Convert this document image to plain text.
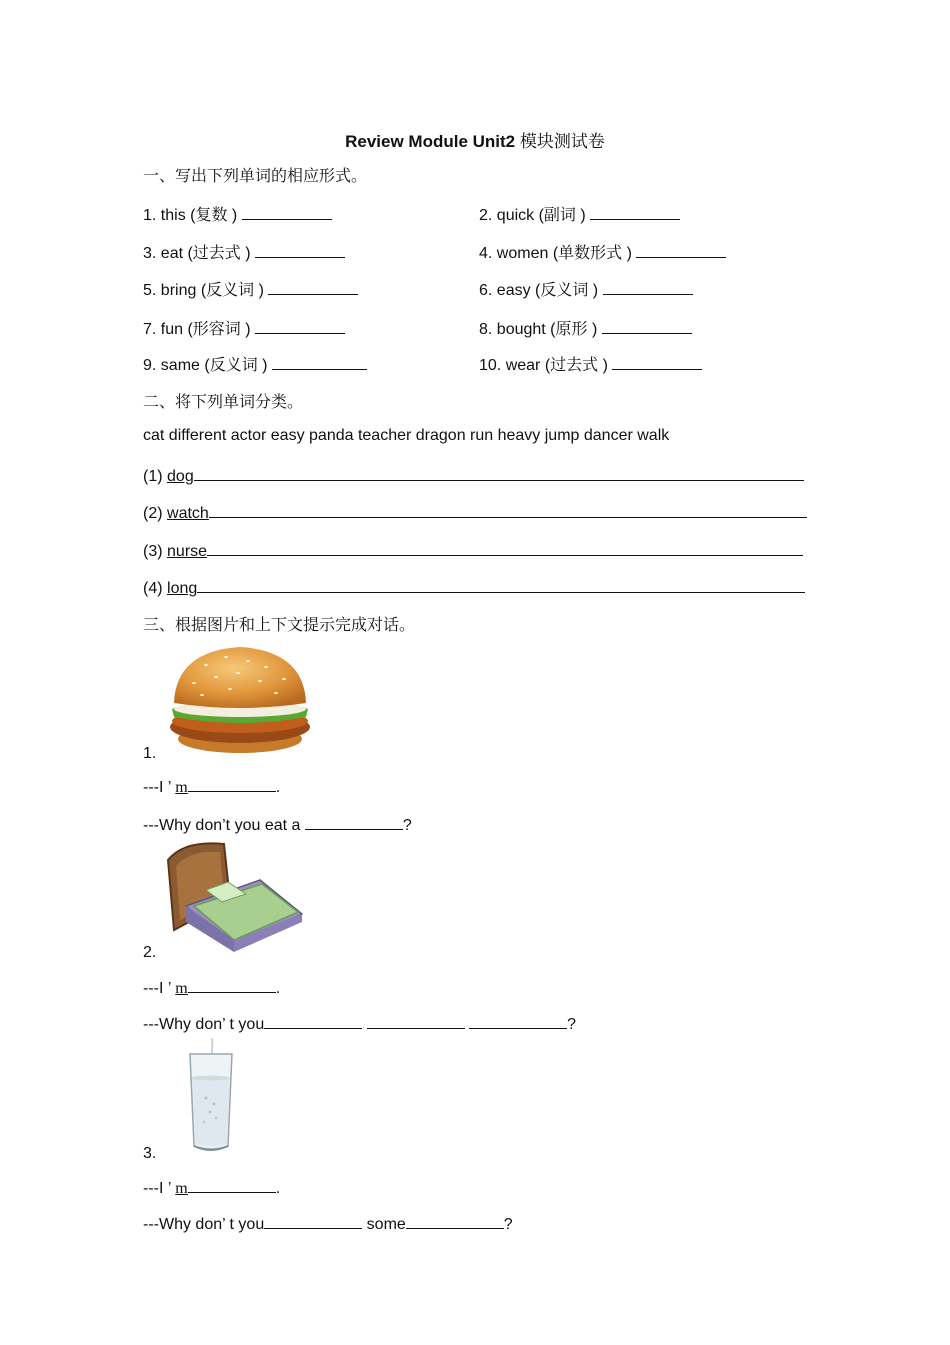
Review Module Unit2 模块测试卷
一、写出下列单词的相应形式。
1. this (复数 )	2. quick (副词 )
3. eat (过去式 )	4. women (单数形式 )
5. bring (反义词 )	6. easy (反义词 )
7. fun (形容词 )	8. bought (原形 )
9. same (反义词 )	10. wear (过去式 )
二、将下列单词分类。
cat different actor easy panda teacher dragon run heavy jump dancer walk
(1) dog
(2) watch
(3) nurse
(4) long
三、根据图片和上下文提示完成对话。
1.
---I ’ m	.
---Why don’t you eat a	?
2.
---I ’ m	.
---Why don’ t you	?
3.
---I ’ m	.
---Why don’ t you	some	?
